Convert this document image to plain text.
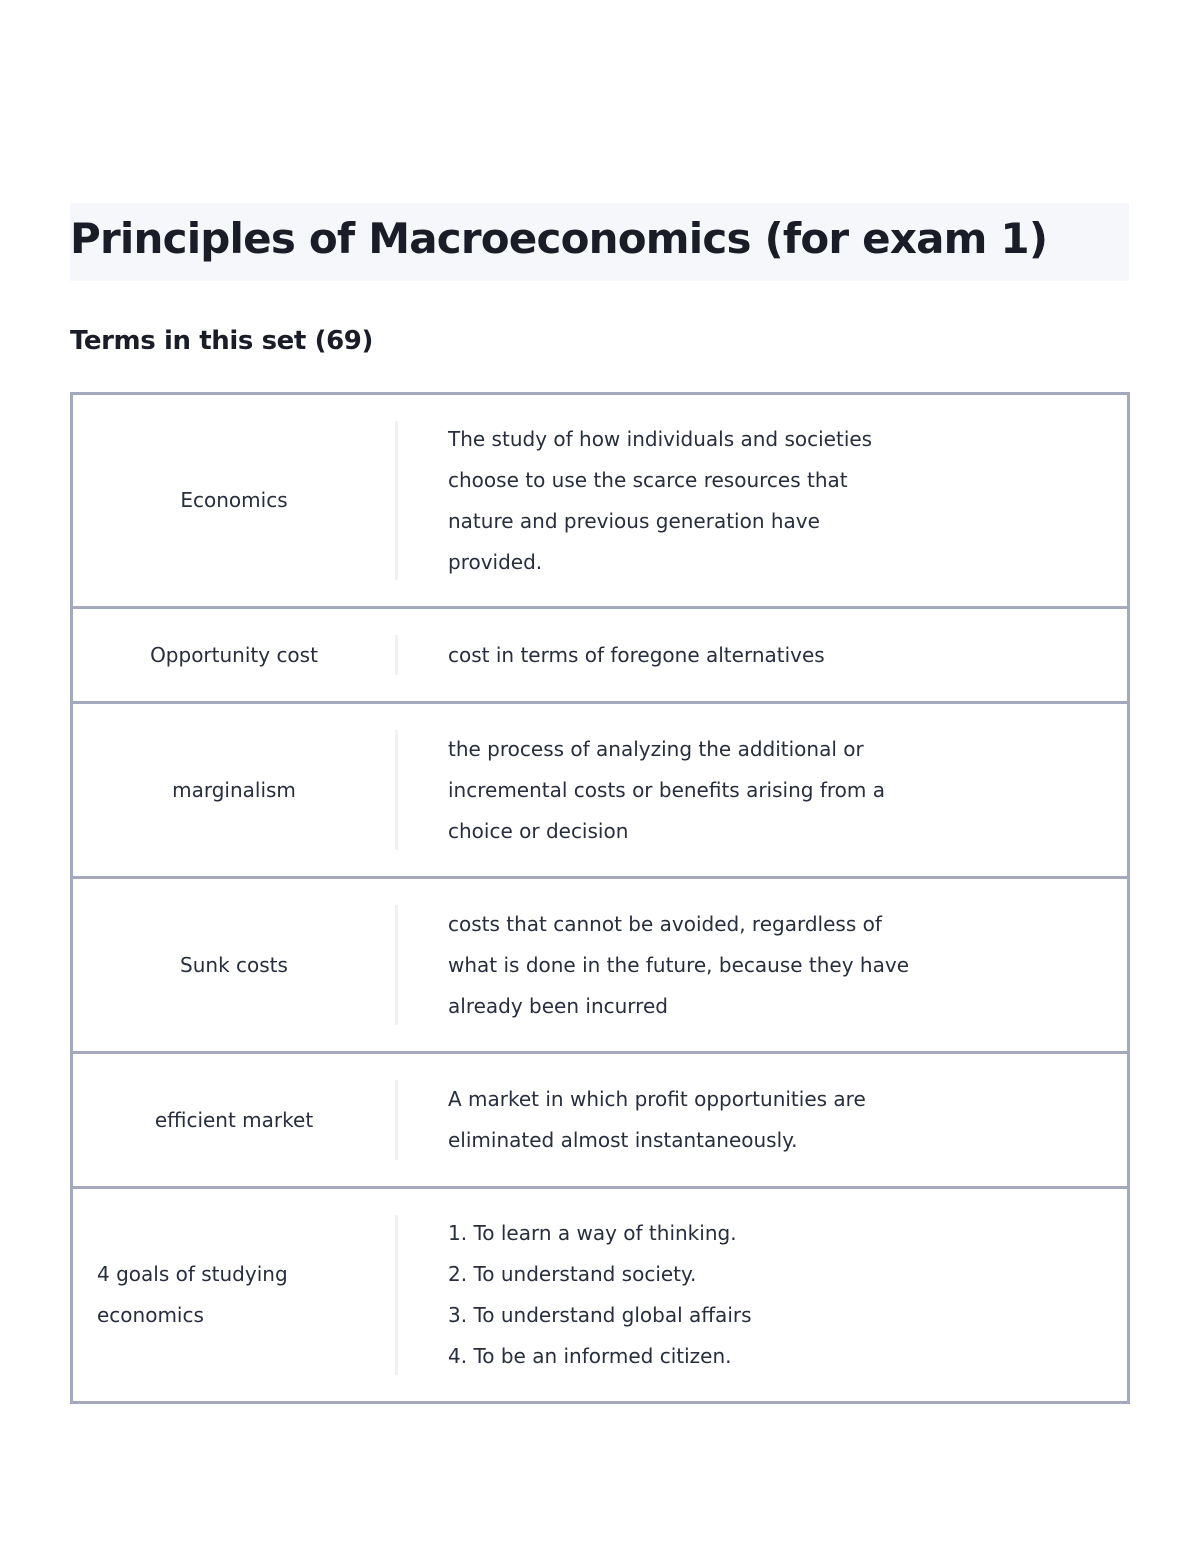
Principles of Macroeconomics (for exam 1)
Terms in this set (69)
Economics
The study of how individuals and societies
choose to use the scarce resources that
nature and previous generation have
provided.
Opportunity cost	cost in terms of foregone alternatives
marginalism
the process of analyzing the additional or
incremental costs or benefits arising from a
choice or decision
Sunk costs
costs that cannot be avoided, regardless of
what is done in the future, because they have
already been incurred
efficient market
A market in which profit opportunities are
eliminated almost instantaneously.
4 goals of studying
economics
1. To learn a way of thinking.
2. To understand society.
3. To understand global affairs
4. To be an informed citizen.
